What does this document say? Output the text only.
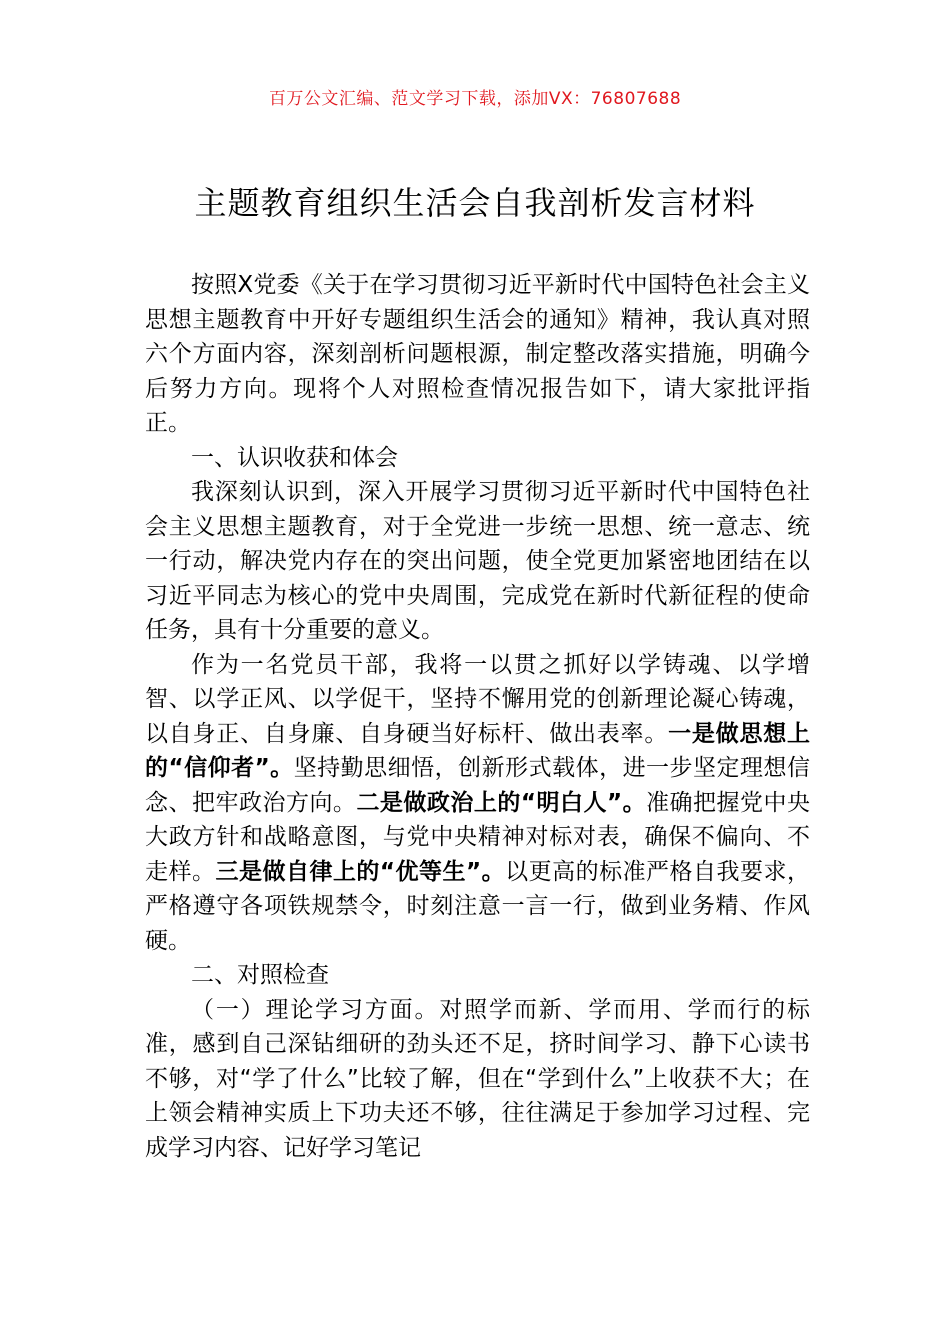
百万公文汇编、范文学习下载，添加VX：76807688
主题教育组织生活会自我剖析发言材料

按照X党委《关于在学习贯彻习近平新时代中国特色社会主义思想主题教育中开好专题组织生活会的通知》精神，我认真对照六个方面内容，深刻剖析问题根源，制定整改落实措施，明确今后努力方向。现将个人对照检查情况报告如下，请大家批评指正。

一、认识收获和体会

我深刻认识到，深入开展学习贯彻习近平新时代中国特色社会主义思想主题教育，对于全党进一步统一思想、统一意志、统一行动，解决党内存在的突出问题，使全党更加紧密地团结在以习近平同志为核心的党中央周围，完成党在新时代新征程的使命任务，具有十分重要的意义。

作为一名党员干部，我将一以贯之抓好以学铸魂、以学增智、以学正风、以学促干，坚持不懈用党的创新理论凝心铸魂，以自身正、自身廉、自身硬当好标杆、做出表率。一是做思想上的“信仰者”。坚持勤思细悟，创新形式载体，进一步坚定理想信念、把牢政治方向。二是做政治上的“明白人”。准确把握党中央大政方针和战略意图，与党中央精神对标对表，确保不偏向、不走样。三是做自律上的“优等生”。以更高的标准严格自我要求，严格遵守各项铁规禁令，时刻注意一言一行，做到业务精、作风硬。

二、对照检查

（一）理论学习方面。对照学而新、学而用、学而行的标准，感到自己深钻细研的劲头还不足，挤时间学习、静下心读书不够，对“学了什么”比较了解，但在“学到什么”上收获不大；在上领会精神实质上下功夫还不够，往往满足于参加学习过程、完成学习内容、记好学习笔记
